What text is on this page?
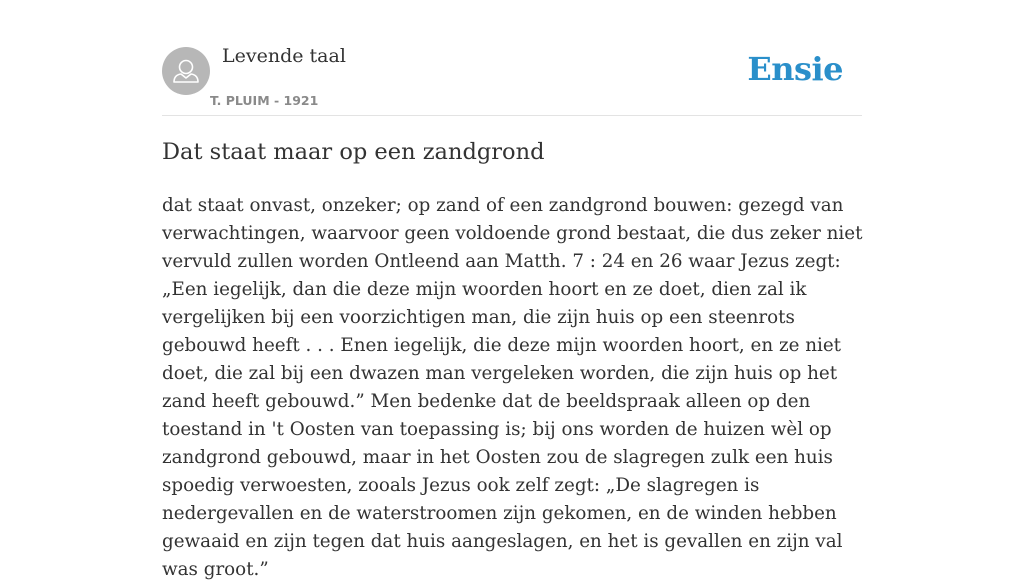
Levende taal
T. PLUIM - 1921
Ensie
Dat staat maar op een zandgrond

dat staat onvast, onzeker; op zand of een zandgrond bouwen: gezegd van verwachtingen, waarvoor geen voldoende grond bestaat, die dus zeker niet vervuld zullen worden Ontleend aan Matth. 7 : 24 en 26 waar Jezus zegt: „Een iegelijk, dan die deze mijn woorden hoort en ze doet, dien zal ik vergelijken bij een voorzichtigen man, die zijn huis op een steenrots gebouwd heeft . . . Enen iegelijk, die deze mijn woorden hoort, en ze niet doet, die zal bij een dwazen man vergeleken worden, die zijn huis op het zand heeft gebouwd.” Men bedenke dat de beeldspraak alleen op den toestand in 't Oosten van toepassing is; bij ons worden de huizen wèl op zandgrond gebouwd, maar in het Oosten zou de slagregen zulk een huis spoedig verwoesten, zooals Jezus ook zelf zegt: „De slagregen is nedergevallen en de waterstroomen zijn gekomen, en de winden hebben gewaaid en zijn tegen dat huis aangeslagen, en het is gevallen en zijn val was groot.”
